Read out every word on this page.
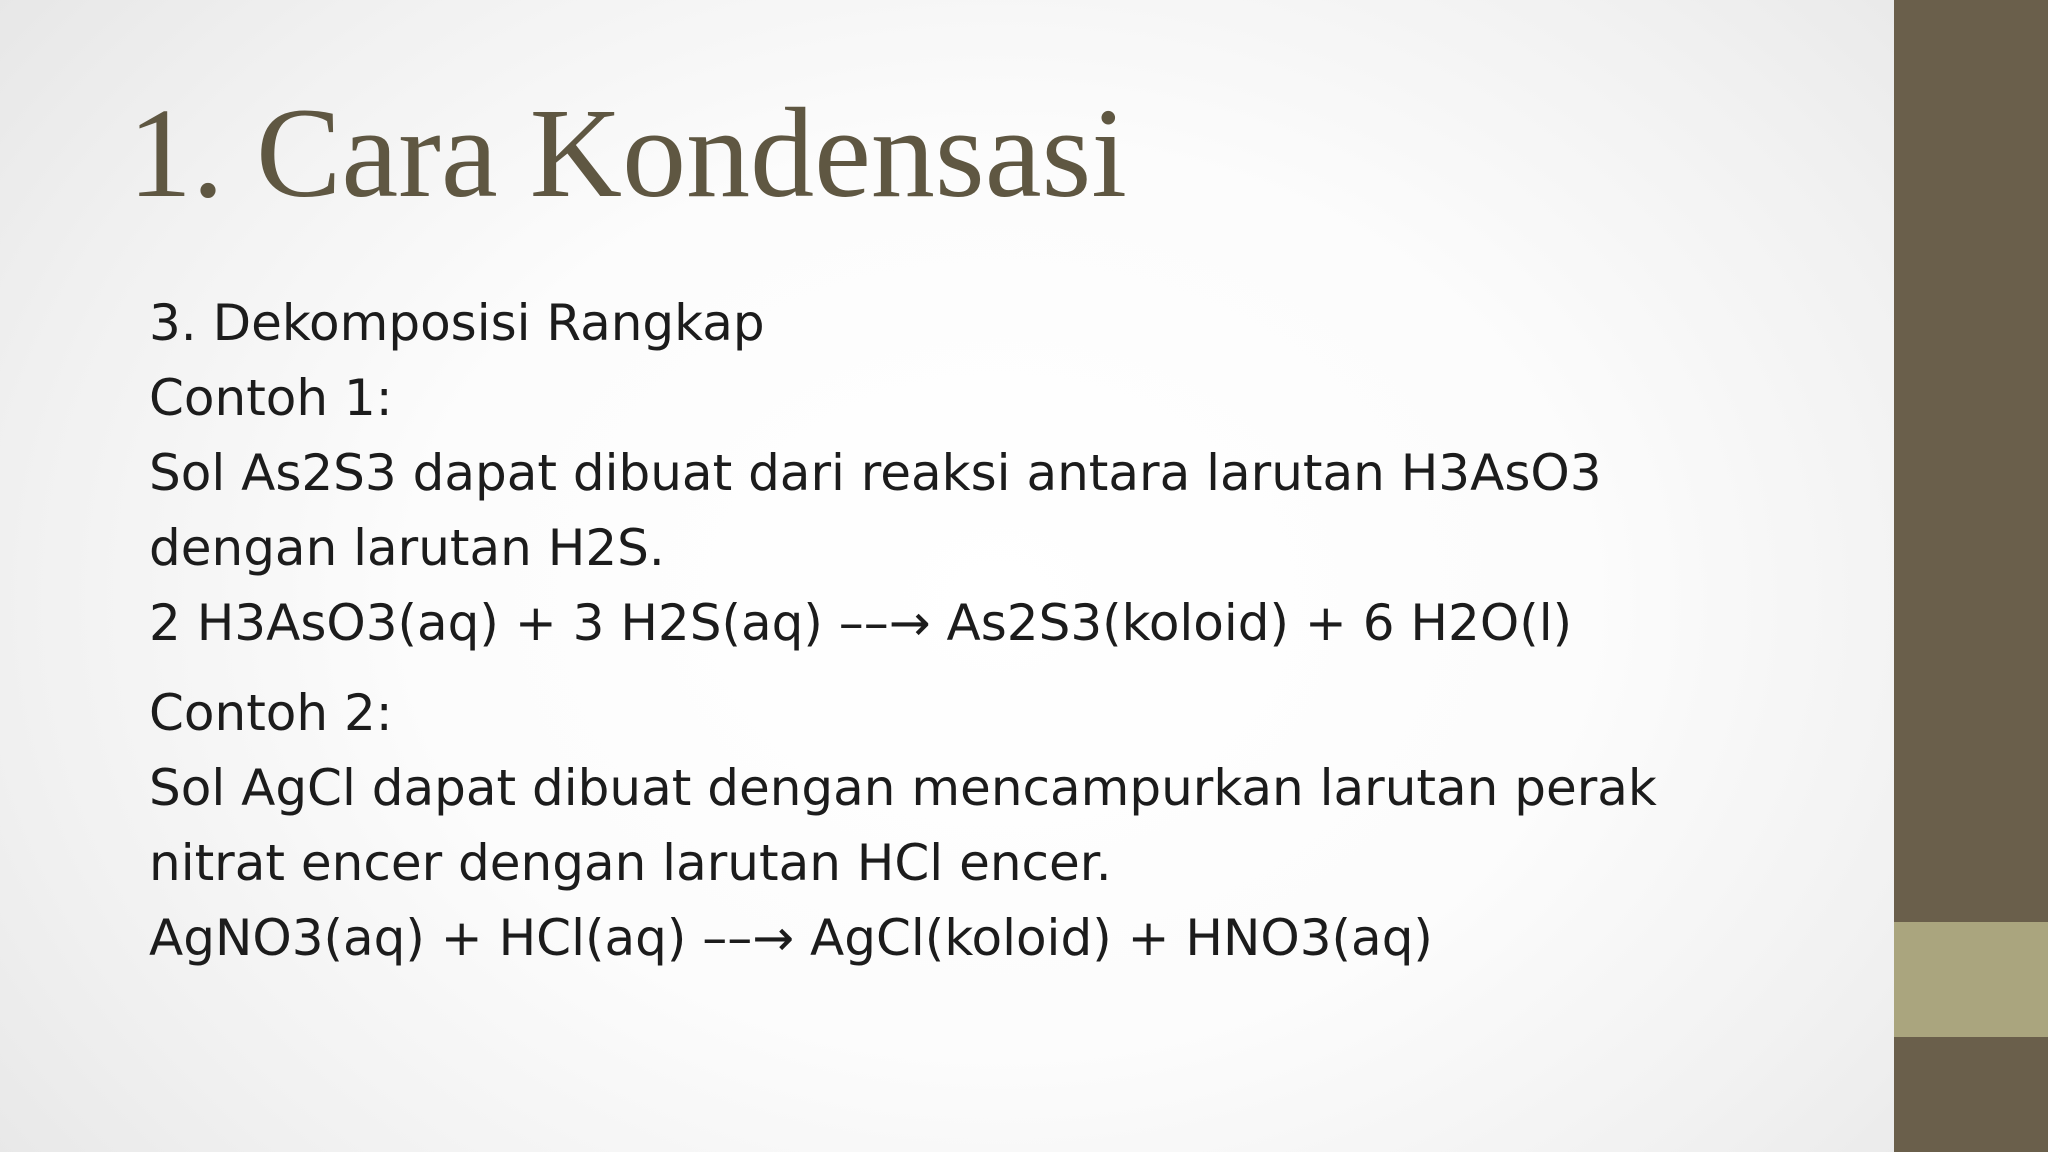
1. Cara Kondensasi
3. Dekomposisi Rangkap
Contoh 1:
Sol As2S3 dapat dibuat dari reaksi antara larutan H3AsO3
dengan larutan H2S.
2 H3AsO3(aq) + 3 H2S(aq) ––→ As2S3(koloid) + 6 H2O(l)
Contoh 2:
Sol AgCl dapat dibuat dengan mencampurkan larutan perak
nitrat encer dengan larutan HCl encer.
AgNO3(aq) + HCl(aq) ––→ AgCl(koloid) + HNO3(aq)
